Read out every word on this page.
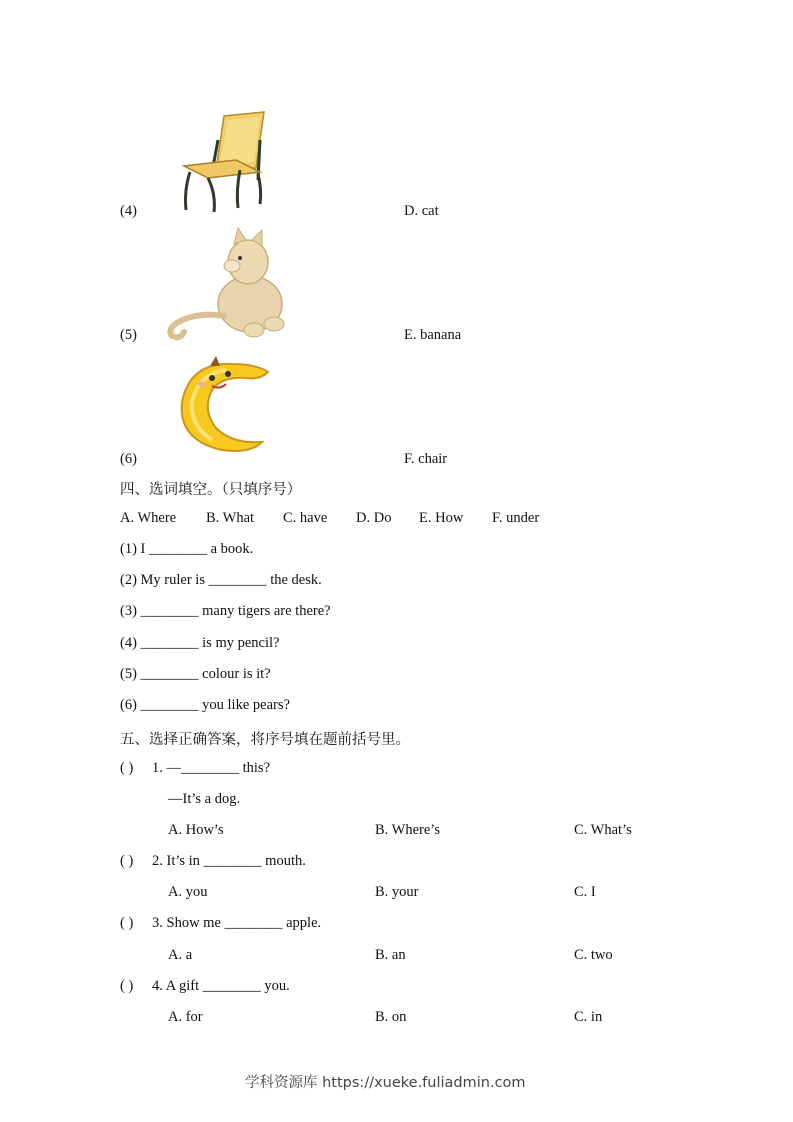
(4)	D. cat
(5)	E. banana
(6)	F. chair
四、选词填空。（只填序号）
A. Where B. What C. have D. Do E. How F. under
(1) I ________ a book.
(2) My ruler is ________ the desk.
(3) ________ many tigers are there?
(4) ________ is my pencil?
(5) ________ colour is it?
(6) ________ you like pears?
五、选择正确答案，将序号填在题前括号里。
( ) 1. —________ this?
—It’s a dog.
A. How’s	B. Where’s	C. What’s
( ) 2. It’s in ________ mouth.
A. you	B. your	C. I
( ) 3. Show me ________ apple.
A. a	B. an	C. two
( ) 4. A gift ________ you.
A. for	B. on	C. in
学科资源库 https://xueke.fuliadmin.com
